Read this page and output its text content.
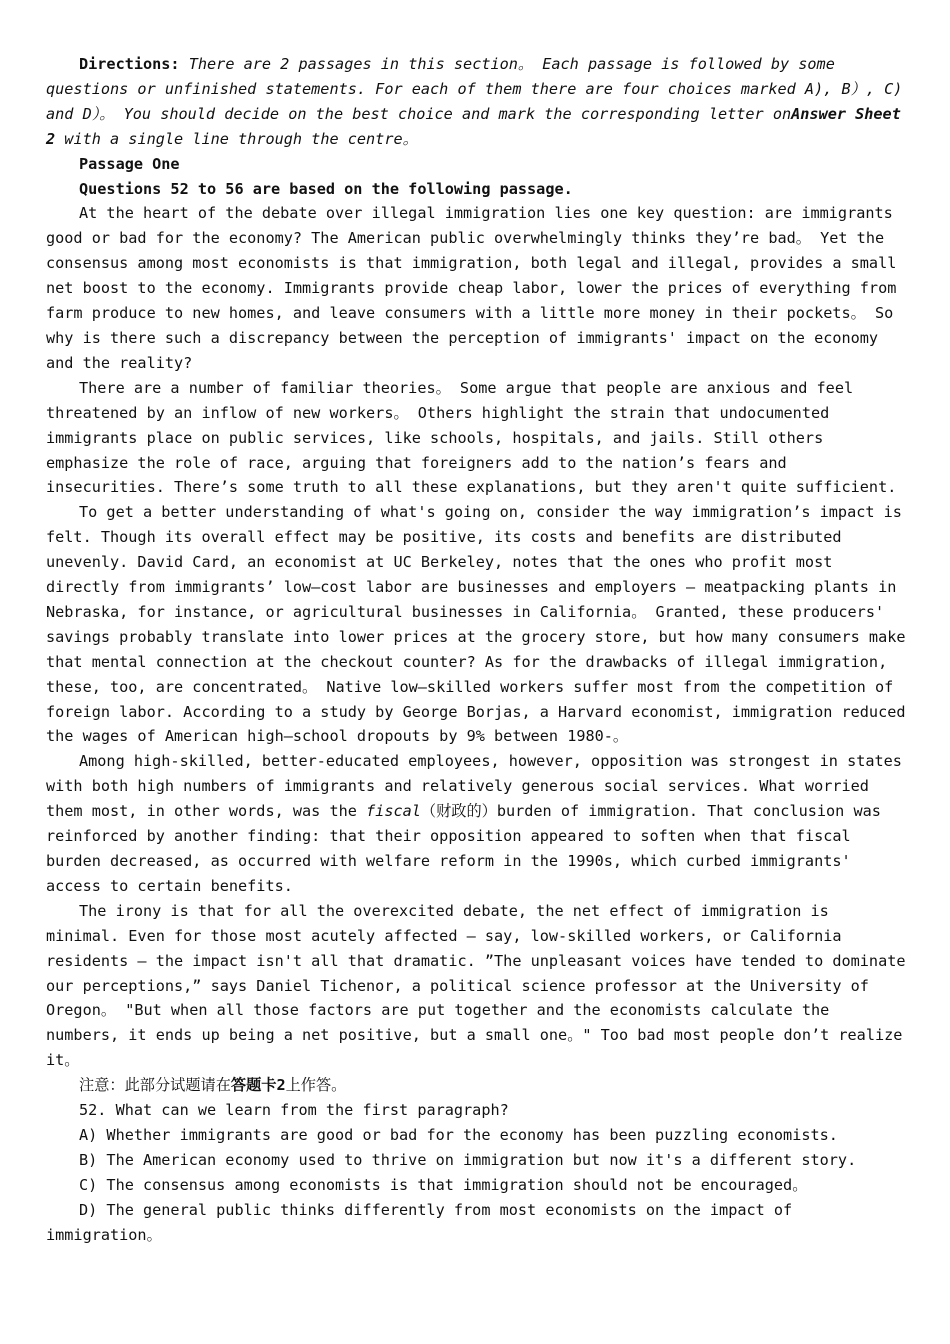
Directions: There are 2 passages in this section。 Each passage is followed by some questions or unfinished statements. For each of them there are four choices marked A), B）, C) and D）。 You should decide on the best choice and mark the corresponding letter onAnswer Sheet 2 with a single line through the centre。

Passage One

Questions 52 to 56 are based on the following passage.

At the heart of the debate over illegal immigration lies one key question: are immigrants good or bad for the economy? The American public overwhelmingly thinks they’re bad。 Yet the consensus among most economists is that immigration, both legal and illegal, provides a small net boost to the economy. Immigrants provide cheap labor, lower the prices of everything from farm produce to new homes, and leave consumers with a little more money in their pockets。 So why is there such a discrepancy between the perception of immigrants' impact on the economy and the reality?

There are a number of familiar theories。 Some argue that people are anxious and feel threatened by an inflow of new workers。 Others highlight the strain that undocumented immigrants place on public services, like schools, hospitals, and jails. Still others emphasize the role of race, arguing that foreigners add to the nation’s fears and insecurities. There’s some truth to all these explanations, but they aren't quite sufficient.

To get a better understanding of what's going on, consider the way immigration’s impact is felt. Though its overall effect may be positive, its costs and benefits are distributed unevenly. David Card, an economist at UC Berkeley, notes that the ones who profit most directly from immigrants’ low—cost labor are businesses and employers – meatpacking plants in Nebraska, for instance, or agricultural businesses in California。 Granted, these producers' savings probably translate into lower prices at the grocery store, but how many consumers make that mental connection at the checkout counter? As for the drawbacks of illegal immigration, these, too, are concentrated。 Native low—skilled workers suffer most from the competition of foreign labor. According to a study by George Borjas, a Harvard economist, immigration reduced the wages of American high—school dropouts by 9% between 1980-。

Among high-skilled, better-educated employees, however, opposition was strongest in states with both high numbers of immigrants and relatively generous social services. What worried them most, in other words, was the fiscal（财政的）burden of immigration. That conclusion was reinforced by another finding: that their opposition appeared to soften when that fiscal burden decreased, as occurred with welfare reform in the 1990s, which curbed immigrants' access to certain benefits.

The irony is that for all the overexcited debate, the net effect of immigration is minimal. Even for those most acutely affected – say, low-skilled workers, or California residents – the impact isn't all that dramatic. ”The unpleasant voices have tended to dominate our perceptions,” says Daniel Tichenor, a political science professor at the University of Oregon。 "But when all those factors are put together and the economists calculate the numbers, it ends up being a net positive, but a small one。" Too bad most people don’t realize it。

注意：此部分试题请在答题卡2上作答。

52. What can we learn from the first paragraph?

A) Whether immigrants are good or bad for the economy has been puzzling economists.

B) The American economy used to thrive on immigration but now it's a different story.

C) The consensus among economists is that immigration should not be encouraged。

D) The general public thinks differently from most economists on the impact of immigration。
